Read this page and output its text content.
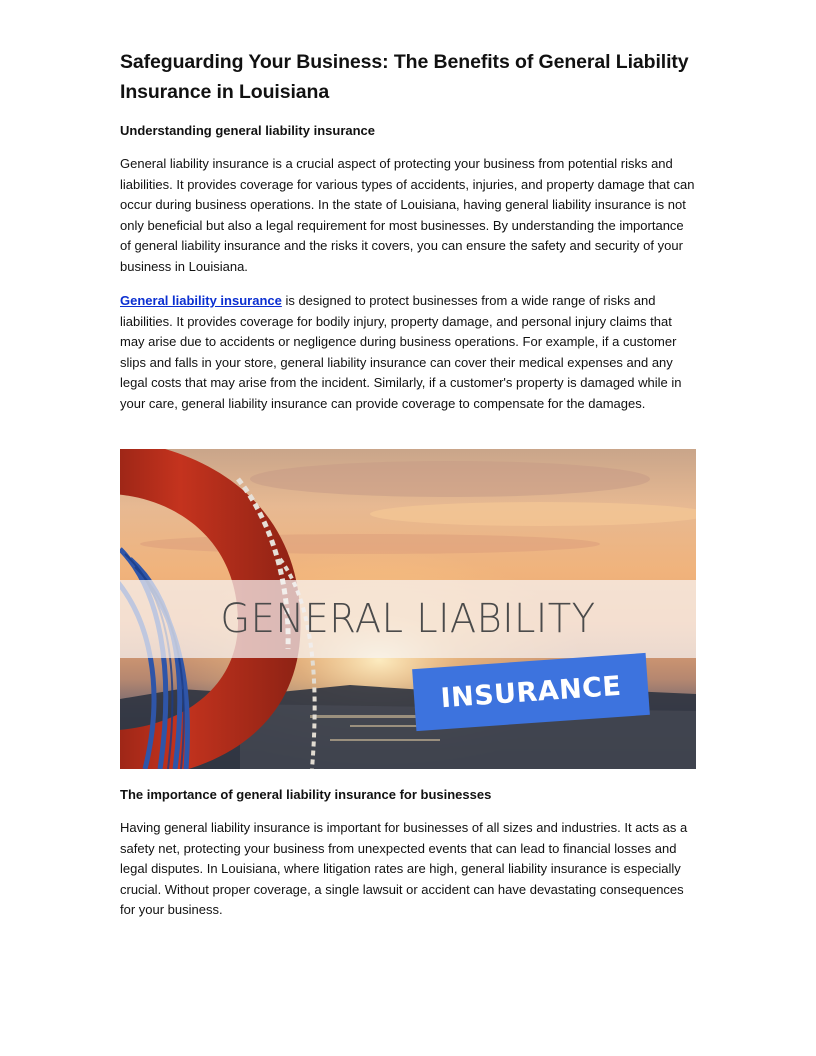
Safeguarding Your Business: The Benefits of General Liability Insurance in Louisiana
Understanding general liability insurance

General liability insurance is a crucial aspect of protecting your business from potential risks and liabilities. It provides coverage for various types of accidents, injuries, and property damage that can occur during business operations. In the state of Louisiana, having general liability insurance is not only beneficial but also a legal requirement for most businesses. By understanding the importance of general liability insurance and the risks it covers, you can ensure the safety and security of your business in Louisiana.

General liability insurance is designed to protect businesses from a wide range of risks and liabilities. It provides coverage for bodily injury, property damage, and personal injury claims that may arise due to accidents or negligence during business operations. For example, if a customer slips and falls in your store, general liability insurance can cover their medical expenses and any legal costs that may arise from the incident. Similarly, if a customer's property is damaged while in your care, general liability insurance can provide coverage to compensate for the damages.

GENERAL LIABILITY
INSURANCE
The importance of general liability insurance for businesses

Having general liability insurance is important for businesses of all sizes and industries. It acts as a safety net, protecting your business from unexpected events that can lead to financial losses and legal disputes. In Louisiana, where litigation rates are high, general liability insurance is especially crucial. Without proper coverage, a single lawsuit or accident can have devastating consequences for your business.
